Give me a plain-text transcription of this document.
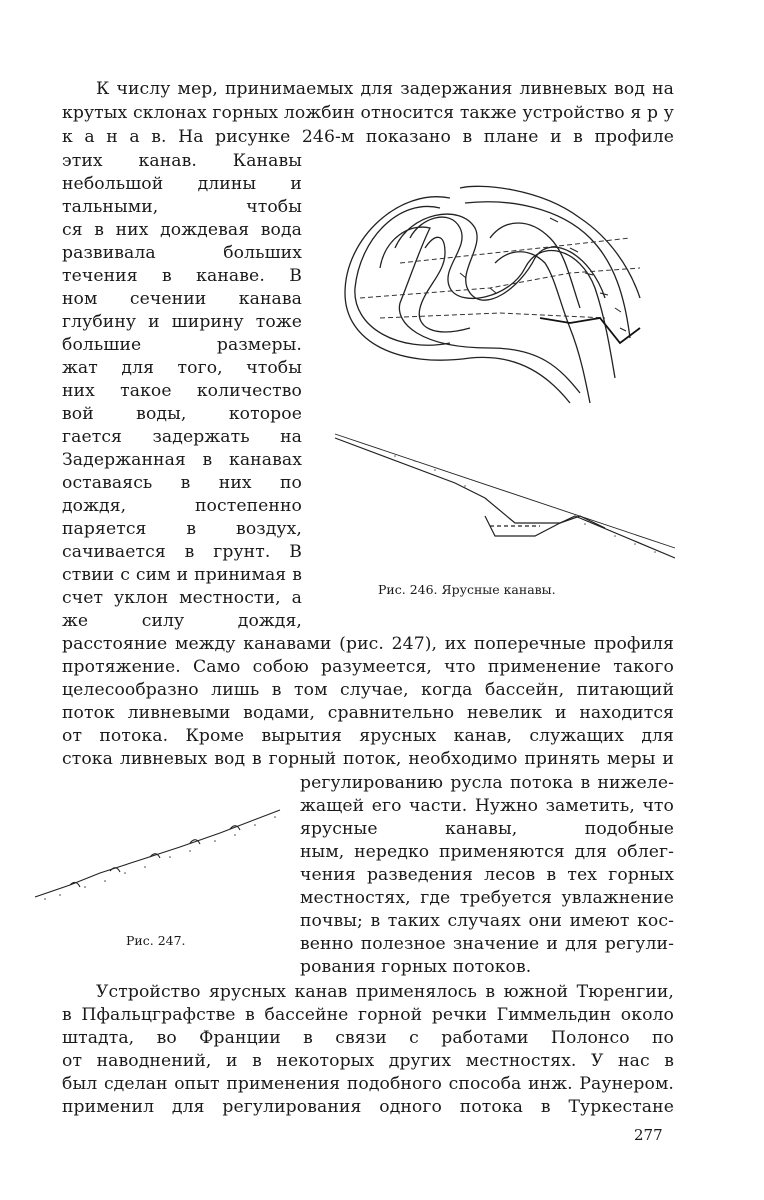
К числу мер, принимаемых для задержания ливневых вод на
крутых склонах горных ложбин относится также устройство я р у
к а н а в. На рисунке 246-м показано в плане и в профиле
этих канав. Канавы
небольшой длины и
тальными, чтобы
ся в них дождевая вода
развивала больших
течения в канаве. В
ном сечении канава
глубину и ширину тоже
большие размеры.
жат для того, чтобы
них такое количество
вой воды, которое
гается задержать на
Задержанная в канавах
оставаясь в них по
дождя, постепенно
паряется в воздух,
сачивается в грунт. В
ствии с сим и принимая в
счет уклон местности, а
же силу дождя,
Рис. 246. Ярусные канавы.
расстояние между канавами (рис. 247), их поперечные профиля
протяжение. Само собою разумеется, что применение такого
целесообразно лишь в том случае, когда бассейн, питающий
поток ливневыми водами, сравнительно невелик и находится
от потока. Кроме вырытия ярусных канав, служащих для
стока ливневых вод в горный поток, необходимо принять меры и
Рис. 247.
регулированию русла потока в нижеле-
жащей его части. Нужно заметить, что
ярусные канавы, подобные
ным, нередко применяются для облег-
чения разведения лесов в тех горных
местностях, где требуется увлажнение
почвы; в таких случаях они имеют кос-
венно полезное значение и для регули-
рования горных потоков.
Устройство ярусных канав применялось в южной Тюренгии,
в Пфальцграфстве в бассейне горной речки Гиммельдин около
штадта, во Франции в связи с работами Полонсо по
от наводнений, и в некоторых других местностях. У нас в
был сделан опыт применения подобного способа инж. Раунером.
применил для регулирования одного потока в Туркестане
277
